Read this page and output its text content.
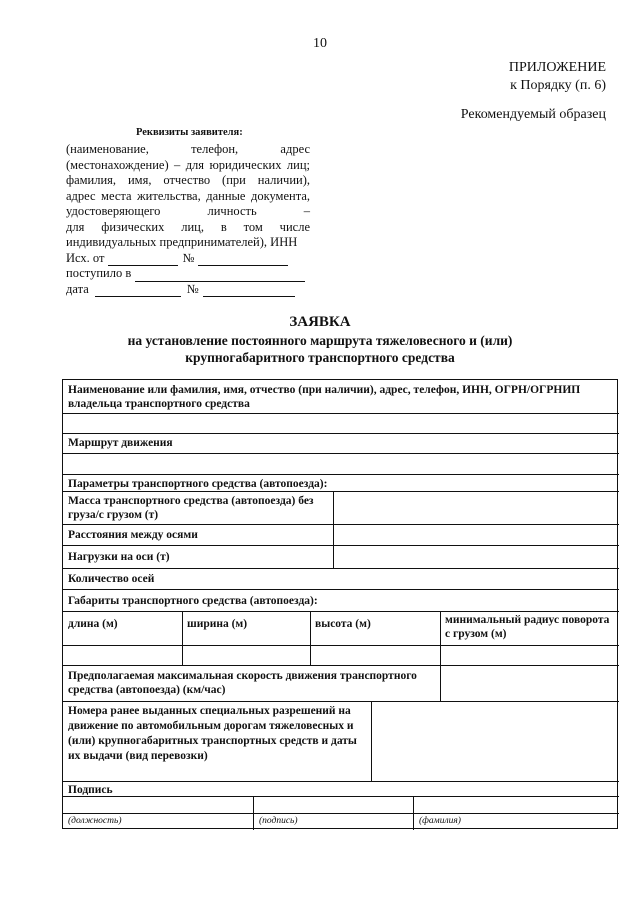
10
ПРИЛОЖЕНИЕ
к Порядку (п. 6)
Рекомендуемый образец
Реквизиты заявителя:
(наименование, телефон, адрес
(местонахождение) – для юридических лиц;
фамилия, имя, отчество (при наличии),
адрес места жительства, данные документа,
удостоверяющего личность –
для физических лиц, в том числе
индивидуальных предпринимателей), ИНН
Исх. от	№
поступило в
дата	№
ЗАЯВКА
на установление постоянного маршрута тяжеловесного и (или) крупногабаритного транспортного средства
Наименование или фамилия, имя, отчество (при наличии), адрес, телефон, ИНН, ОГРН/ОГРНИП владельца транспортного средства
Маршрут движения
Параметры транспортного средства (автопоезда):
Масса транспортного средства (автопоезда) без груза/с грузом (т)
Расстояния между осями
Нагрузки на оси (т)
Количество осей
Габариты транспортного средства (автопоезда):
длина (м)	ширина (м)	высота (м)	минимальный радиус поворота с грузом (м)
Предполагаемая максимальная скорость движения транспортного средства (автопоезда) (км/час)
Номера ранее выданных специальных разрешений на движение по автомобильным дорогам тяжеловесных и (или) крупногабаритных транспортных средств и даты их выдачи (вид перевозки)
Подпись
(должность)	(подпись)	(фамилия)
